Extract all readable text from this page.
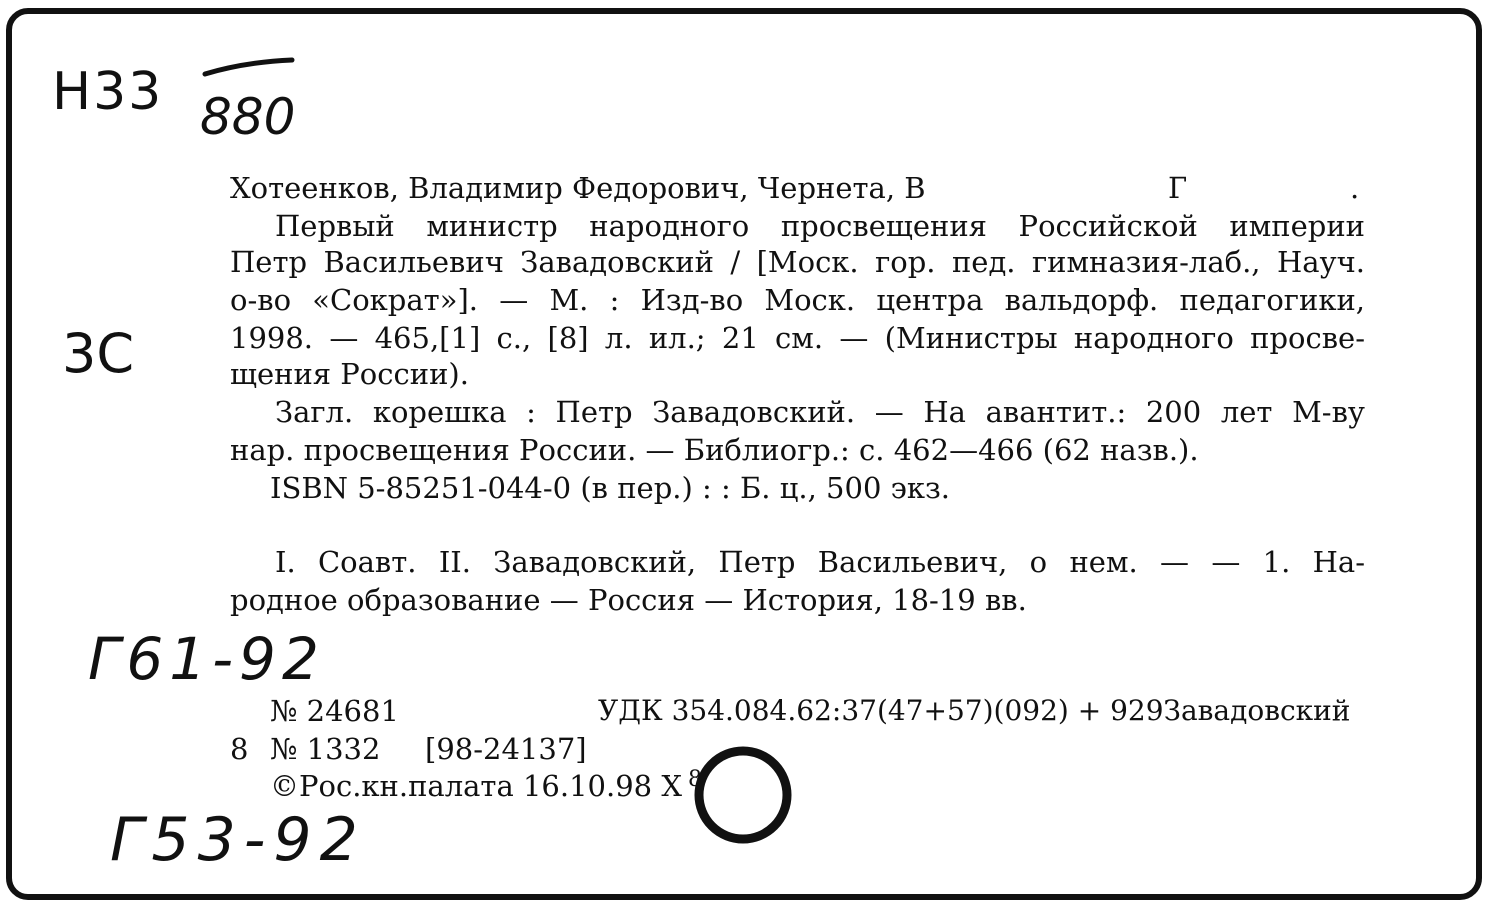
Н33 880
3С
Г61-92
Г53-92
Хотеенков, Владимир Федорович, Чернета, В	Г	.
Первый министр народного просвещения Российской империи
Петр Васильевич Завадовский / [Моск. гор. пед. гимназия-лаб., Науч.
о-во «Сократ»]. — М. : Изд-во Моск. центра вальдорф. педагогики,
1998. — 465,[1] с., [8] л. ил.; 21 см. — (Министры народного просве-
щения России).
Загл. корешка : Петр Завадовский. — На авантит.: 200 лет М-ву
нар. просвещения России. — Библиогр.: с. 462—466 (62 назв.).
ISBN 5-85251-044-0 (в пер.) : : Б. ц., 500 экз.
I. Соавт. II. Завадовский, Петр Васильевич, о нем. — — 1. На-
родное образование — Россия — История, 18-19 вв.
№ 24681	УДК 354.084.62:37(47+57)(092) + 929Завадовский
8 № 1332 [98-24137]
©Рос.кн.палата 16.10.98 Х 8
